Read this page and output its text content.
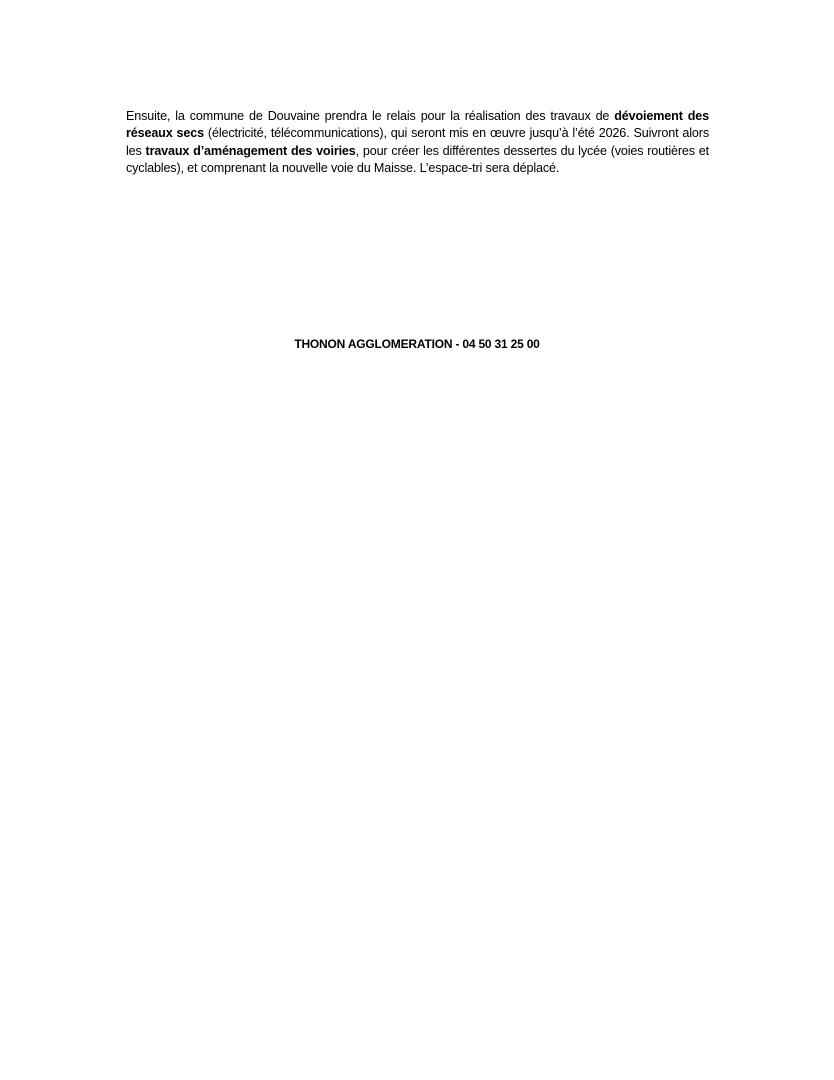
Ensuite, la commune de Douvaine prendra le relais pour la réalisation des travaux de dévoiement des réseaux secs (électricité, télécommunications), qui seront mis en œuvre jusqu’à l’été 2026. Suivront alors les travaux d’aménagement des voiries, pour créer les différentes dessertes du lycée (voies routières et cyclables), et comprenant la nouvelle voie du Maisse. L’espace-tri sera déplacé.

THONON AGGLOMERATION - 04 50 31 25 00
